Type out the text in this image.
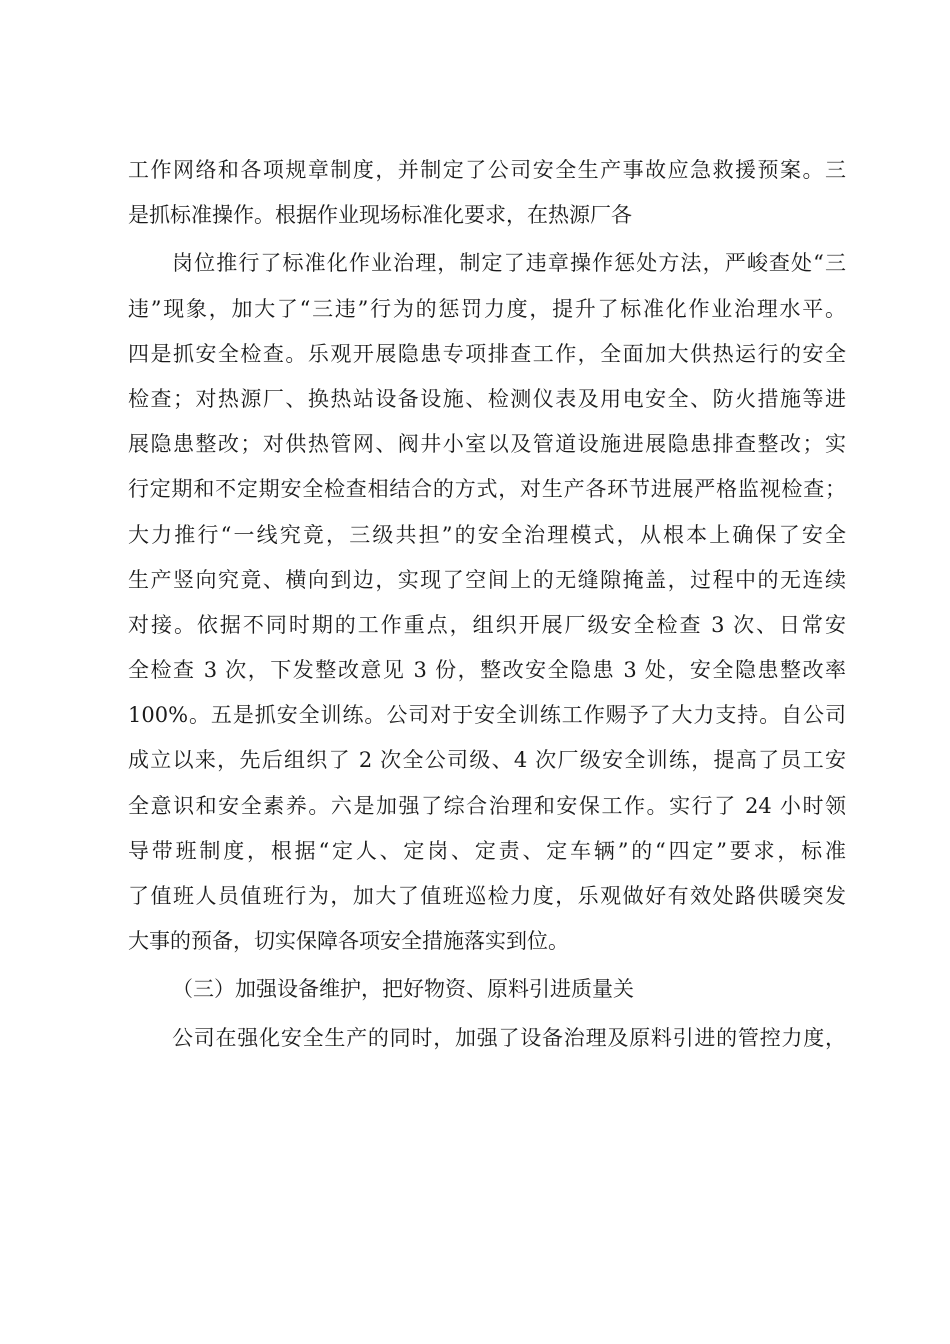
工作网络和各项规章制度，并制定了公司安全生产事故应急救援预案。三
是抓标准操作。根据作业现场标准化要求，在热源厂各
岗位推行了标准化作业治理，制定了违章操作惩处方法，严峻查处“三
违”现象，加大了“三违”行为的惩罚力度，提升了标准化作业治理水平。
四是抓安全检查。乐观开展隐患专项排查工作，全面加大供热运行的安全
检查；对热源厂、换热站设备设施、检测仪表及用电安全、防火措施等进
展隐患整改；对供热管网、阀井小室以及管道设施进展隐患排查整改；实
行定期和不定期安全检查相结合的方式，对生产各环节进展严格监视检查；
大力推行“一线究竟，三级共担”的安全治理模式，从根本上确保了安全
生产竖向究竟、横向到边，实现了空间上的无缝隙掩盖，过程中的无连续
对接。依据不同时期的工作重点，组织开展厂级安全检查 3 次、日常安
全检查 3 次，下发整改意见 3 份，整改安全隐患 3 处，安全隐患整改率
100%。五是抓安全训练。公司对于安全训练工作赐予了大力支持。自公司
成立以来，先后组织了 2 次全公司级、4 次厂级安全训练，提高了员工安
全意识和安全素养。六是加强了综合治理和安保工作。实行了 24 小时领
导带班制度，根据“定人、定岗、定责、定车辆”的“四定”要求，标准
了值班人员值班行为，加大了值班巡检力度，乐观做好有效处路供暖突发
大事的预备，切实保障各项安全措施落实到位。
（三）加强设备维护，把好物资、原料引进质量关
公司在强化安全生产的同时，加强了设备治理及原料引进的管控力度，
